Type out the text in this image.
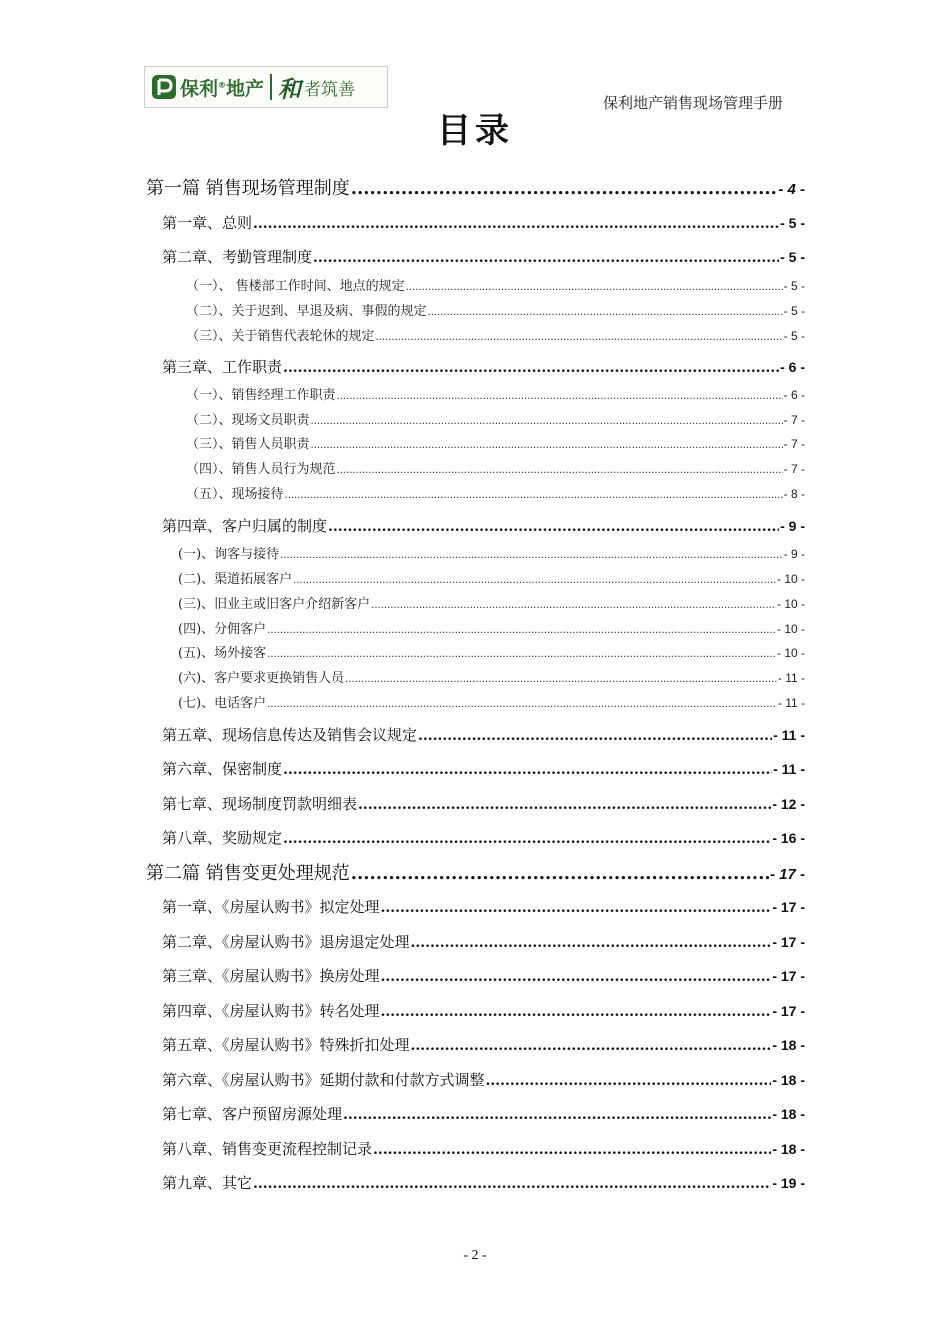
保利®地产 和 者筑善
保利地产销售现场管理手册
目录
第一篇 销售现场管理制度 .....	- 4 -
第一章、总则 .....	- 5 -
第二章、考勤管理制度 .....	- 5 -
（一）、 售楼部工作时间、地点的规定 .....	- 5 -
（二）、关于迟到、早退及病、事假的规定 .....	- 5 -
（三）、关于销售代表轮休的规定 .....	- 5 -
第三章、工作职责 .....	- 6 -
（一）、销售经理工作职责 .....	- 6 -
（二）、现场文员职责 .....	- 7 -
（三）、销售人员职责 .....	- 7 -
（四）、销售人员行为规范 .....	- 7 -
（五）、现场接待 .....	- 8 -
第四章、客户归属的制度 .....	- 9 -
(一)、询客与接待 .....	- 9 -
(二)、渠道拓展客户 .....	- 10 -
(三)、旧业主或旧客户介绍新客户 .....	- 10 -
(四)、分佣客户 .....	- 10 -
(五)、场外接客 .....	- 10 -
(六)、客户要求更换销售人员 .....	- 11 -
(七)、电话客户 .....	- 11 -
第五章、现场信息传达及销售会议规定 .....	- 11 -
第六章、保密制度 .....	- 11 -
第七章、现场制度罚款明细表 .....	- 12 -
第八章、奖励规定 .....	- 16 -
第二篇 销售变更处理规范 .....	- 17 -
第一章、《房屋认购书》拟定处理 .....	- 17 -
第二章、《房屋认购书》退房退定处理 .....	- 17 -
第三章、《房屋认购书》换房处理 .....	- 17 -
第四章、《房屋认购书》转名处理 .....	- 17 -
第五章、《房屋认购书》特殊折扣处理 .....	- 18 -
第六章、《房屋认购书》延期付款和付款方式调整 .....	- 18 -
第七章、客户预留房源处理 .....	- 18 -
第八章、销售变更流程控制记录 .....	- 18 -
第九章、其它 .....	- 19 -
- 2 -
